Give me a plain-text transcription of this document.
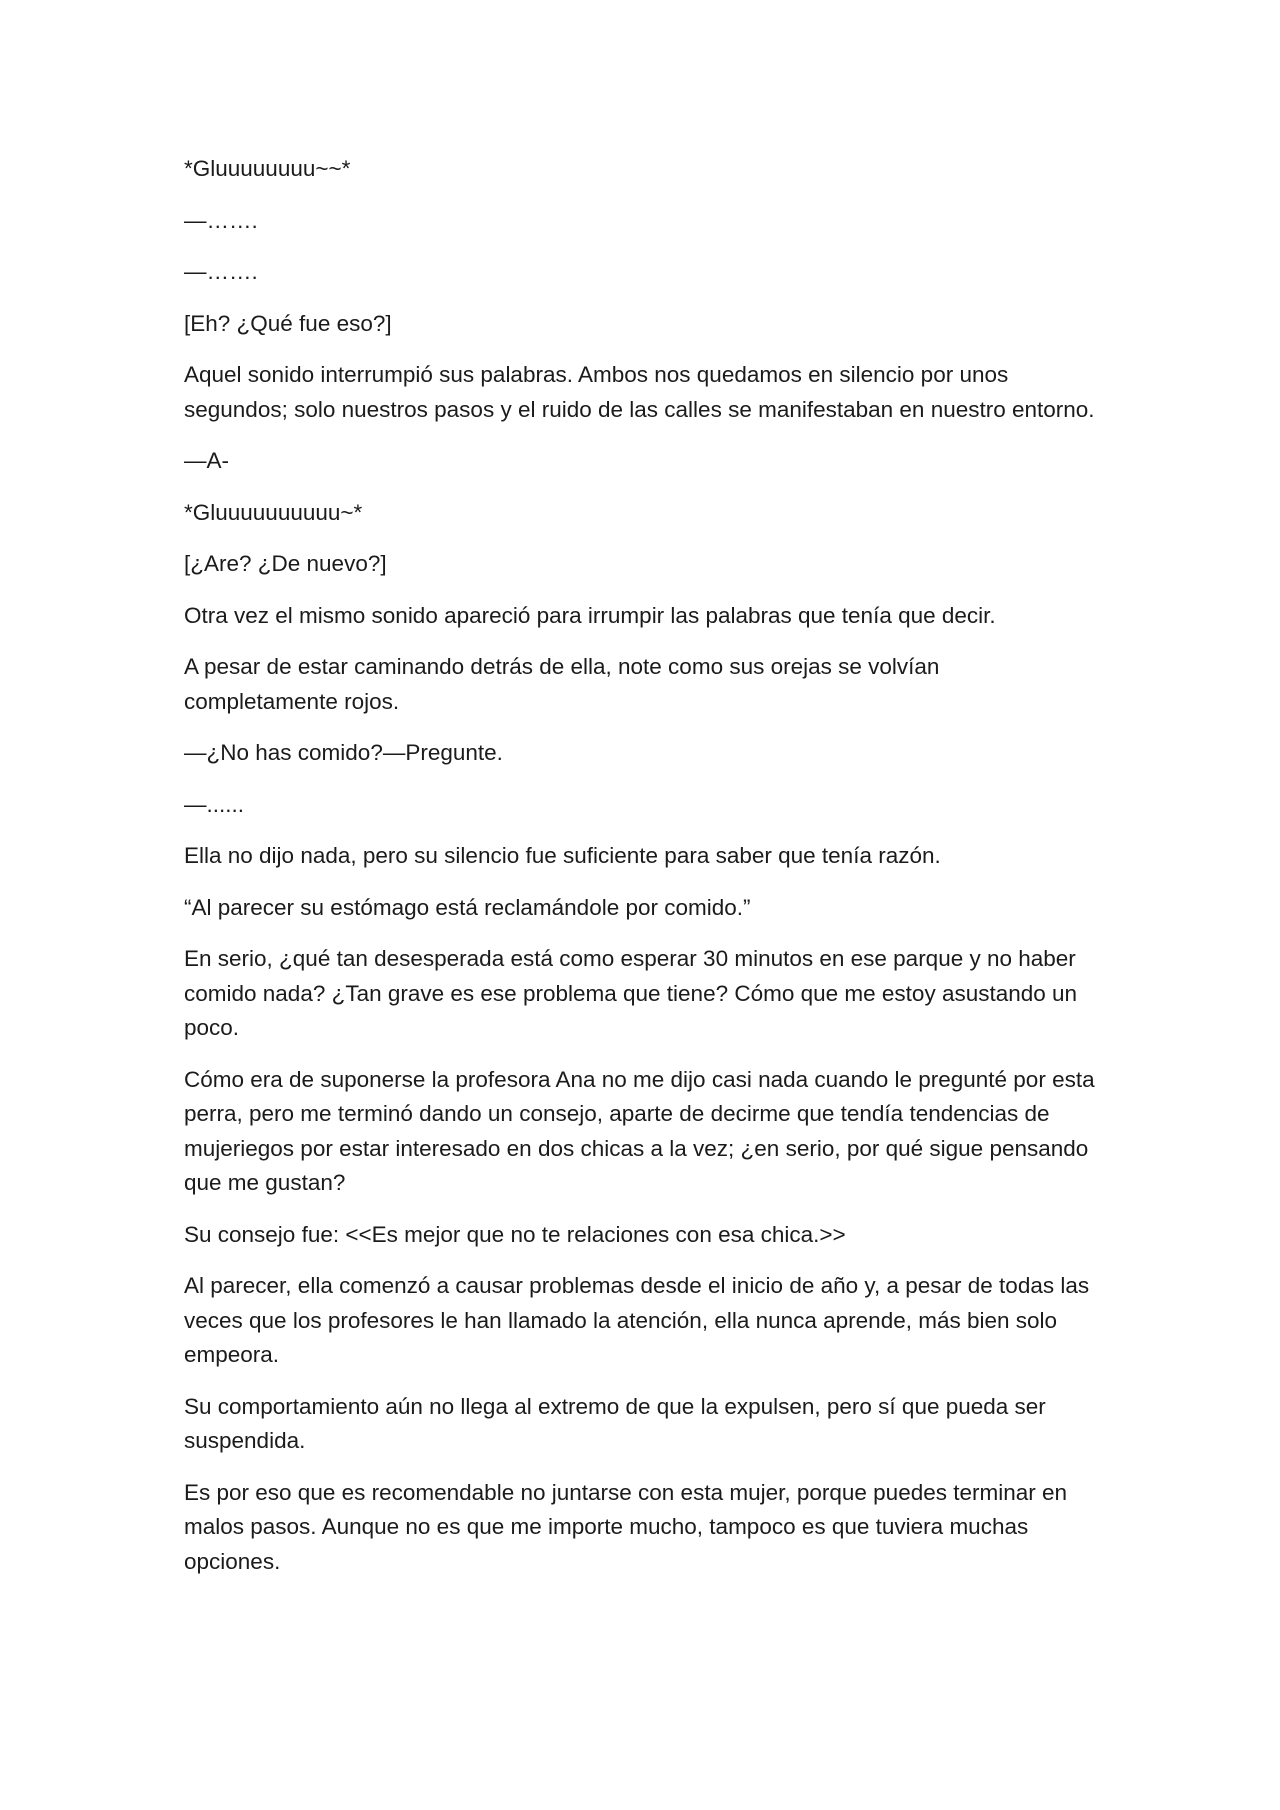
*Gluuuuuuuu~~*

—…….

—…….

[Eh? ¿Qué fue eso?]

Aquel sonido interrumpió sus palabras. Ambos nos quedamos en silencio por unos segundos; solo nuestros pasos y el ruido de las calles se manifestaban en nuestro entorno.

—A-

*Gluuuuuuuuuu~*

[¿Are? ¿De nuevo?]

Otra vez el mismo sonido apareció para irrumpir las palabras que tenía que decir.

A pesar de estar caminando detrás de ella, note como sus orejas se volvían completamente rojos.

—¿No has comido?—Pregunte.

—......

Ella no dijo nada, pero su silencio fue suficiente para saber que tenía razón.

“Al parecer su estómago está reclamándole por comido.”

En serio, ¿qué tan desesperada está como esperar 30 minutos en ese parque y no haber comido nada? ¿Tan grave es ese problema que tiene? Cómo que me estoy asustando un poco.

Cómo era de suponerse la profesora Ana no me dijo casi nada cuando le pregunté por esta perra, pero me terminó dando un consejo, aparte de decirme que tendía tendencias de mujeriegos por estar interesado en dos chicas a la vez; ¿en serio, por qué sigue pensando que me gustan?

Su consejo fue: <<Es mejor que no te relaciones con esa chica.>>

Al parecer, ella comenzó a causar problemas desde el inicio de año y, a pesar de todas las veces que los profesores le han llamado la atención, ella nunca aprende, más bien solo empeora.

Su comportamiento aún no llega al extremo de que la expulsen, pero sí que pueda ser suspendida.

Es por eso que es recomendable no juntarse con esta mujer, porque puedes terminar en malos pasos. Aunque no es que me importe mucho, tampoco es que tuviera muchas opciones.
